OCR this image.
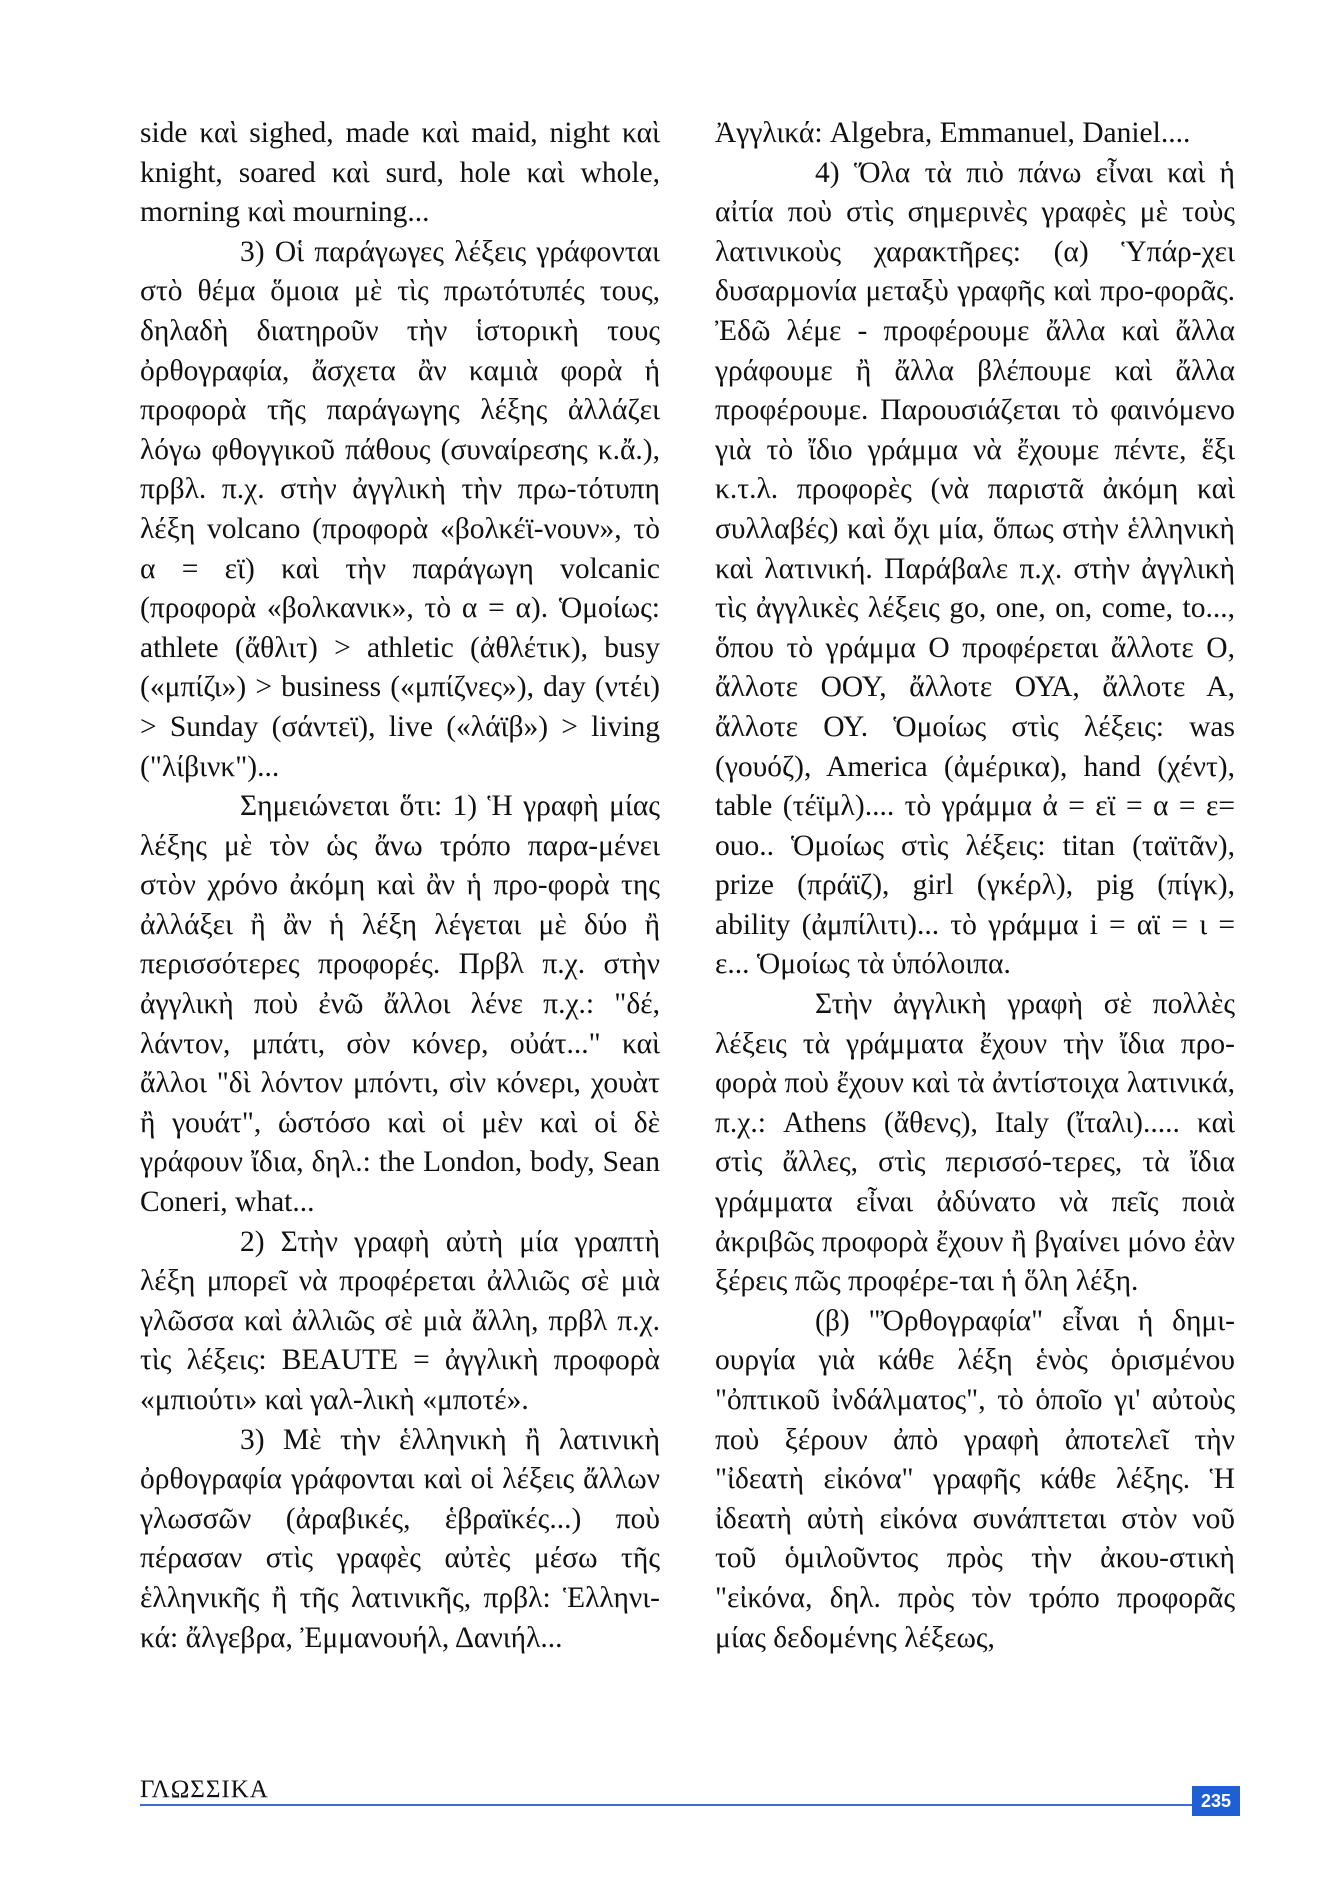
side καὶ sighed, made καὶ maid, night καὶ knight, soared καὶ surd, hole καὶ whole, morning καὶ mourning...

3) Οἱ παράγωγες λέξεις γράφονται στὸ θέμα ὅμοια μὲ τὶς πρωτότυπές τους, δηλαδὴ διατηροῦν τὴν ἱστορικὴ τους ὀρθογραφία, ἄσχετα ἂν καμιὰ φορὰ ἡ προφορὰ τῆς παράγωγης λέξης ἀλλάζει λόγω φθογγικοῦ πάθους (συναίρεσης κ.ἄ.), πρβλ. π.χ. στὴν ἀγγλικὴ τὴν πρω-τότυπη λέξη volcano (προφορὰ «βολκέϊ-νουν», τὸ α = εϊ) καὶ τὴν παράγωγη volcanic (προφορὰ «βολκανικ», τὸ α = α). Ὁμοίως: athlete (ἄθλιτ) > athletic (ἀθλέτικ), busy («μπίζι») > business («μπίζνες»), day (ντέι) > Sunday (σάντεϊ), live («λάϊβ») > living ("λίβινκ")...

Σημειώνεται ὅτι: 1) Ἡ γραφὴ μίας λέξης μὲ τὸν ὡς ἄνω τρόπο παρα-μένει στὸν χρόνο ἀκόμη καὶ ἂν ἡ προ-φορὰ της ἀλλάξει ἢ ἂν ἡ λέξη λέγεται μὲ δύο ἢ περισσότερες προφορές. Πρβλ π.χ. στὴν ἀγγλικὴ ποὺ ἐνῶ ἄλλοι λένε π.χ.: "δέ, λάντον, μπάτι, σὸν κόνερ, οὐάτ..." καὶ ἄλλοι "δὶ λόντον μπόντι, σὶν κόνερι, χουὰτ ἢ γουάτ", ὡστόσο καὶ οἱ μὲν καὶ οἱ δὲ γράφουν ἴδια, δηλ.: the London, body, Sean Coneri, what...

2) Στὴν γραφὴ αὐτὴ μία γραπτὴ λέξη μπορεῖ νὰ προφέρεται ἀλλιῶς σὲ μιὰ γλῶσσα καὶ ἀλλιῶς σὲ μιὰ ἄλλη, πρβλ π.χ. τὶς λέξεις: BEAUTE = ἀγγλικὴ προφορὰ «μπιούτι» καὶ γαλ-λικὴ «μποτέ».

3) Μὲ τὴν ἑλληνικὴ ἢ λατινικὴ ὀρθογραφία γράφονται καὶ οἱ λέξεις ἄλλων γλωσσῶν (ἀραβικές, ἑβραϊκές...) ποὺ πέρασαν στὶς γραφὲς αὐτὲς μέσω τῆς ἑλληνικῆς ἢ τῆς λατινικῆς, πρβλ: Ἑλληνι-κά: ἄλγεβρα, Ἐμμανουήλ, Δανιήλ...

Ἀγγλικά: Algebra, Emmanuel, Daniel....

4) Ὅλα τὰ πιὸ πάνω εἶναι καὶ ἡ αἰτία ποὺ στὶς σημερινὲς γραφὲς μὲ τοὺς λατινικοὺς χαρακτῆρες: (α) Ὑπάρ-χει δυσαρμονία μεταξὺ γραφῆς καὶ προ-φορᾶς. Ἐδῶ λέμε - προφέρουμε ἄλλα καὶ ἄλλα γράφουμε ἢ ἄλλα βλέπουμε καὶ ἄλλα προφέρουμε. Παρουσιάζεται τὸ φαινόμενο γιὰ τὸ ἴδιο γράμμα νὰ ἔχουμε πέντε, ἕξι κ.τ.λ. προφορὲς (νὰ παριστᾶ ἀκόμη καὶ συλλαβές) καὶ ὄχι μία, ὅπως στὴν ἑλληνικὴ καὶ λατινική. Παράβαλε π.χ. στὴν ἀγγλικὴ τὶς ἀγγλικὲς λέξεις go, one, on, come, to..., ὅπου τὸ γράμμα O προφέρεται ἄλλοτε Ο, ἄλλοτε ΟΟΥ, ἄλλοτε ΟΥΑ, ἄλλοτε Α, ἄλλοτε ΟΥ. Ὁμοίως στὶς λέξεις: was (γουόζ), America (ἀμέρικα), hand (χέντ), table (τέϊμλ).... τὸ γράμμα ἀ = εϊ = α = ε= ouo.. Ὁμοίως στὶς λέξεις: titan (ταϊτᾶν), prize (πράϊζ), girl (γκέρλ), pig (πίγκ), ability (ἀμπίλιτι)... τὸ γράμμα i = αϊ = ι = ε... Ὁμοίως τὰ ὑπόλοιπα.

Στὴν ἀγγλικὴ γραφὴ σὲ πολλὲς λέξεις τὰ γράμματα ἔχουν τὴν ἴδια προ-φορὰ ποὺ ἔχουν καὶ τὰ ἀντίστοιχα λατινικά, π.χ.: Athens (ἄθενς), Italy (ἴταλι)..... καὶ στὶς ἄλλες, στὶς περισσό-τερες, τὰ ἴδια γράμματα εἶναι ἀδύνατο νὰ πεῖς ποιὰ ἀκριβῶς προφορὰ ἔχουν ἢ βγαίνει μόνο ἐὰν ξέρεις πῶς προφέρε-ται ἡ ὅλη λέξη.

(β) "Ὀρθογραφία" εἶναι ἡ δημι-ουργία γιὰ κάθε λέξη ἑνὸς ὁρισμένου "ὀπτικοῦ ἰνδάλματος", τὸ ὁποῖο γι' αὐτοὺς ποὺ ξέρουν ἀπὸ γραφὴ ἀποτελεῖ τὴν "ἰδεατὴ εἰκόνα" γραφῆς κάθε λέξης. Ἡ ἰδεατὴ αὐτὴ εἰκόνα συνάπτεται στὸν νοῦ τοῦ ὁμιλοῦντος πρὸς τὴν ἀκου-στικὴ "εἰκόνα, δηλ. πρὸς τὸν τρόπο προφορᾶς μίας δεδομένης λέξεως,

ΓΛΩΣΣΙΚΑ	235
